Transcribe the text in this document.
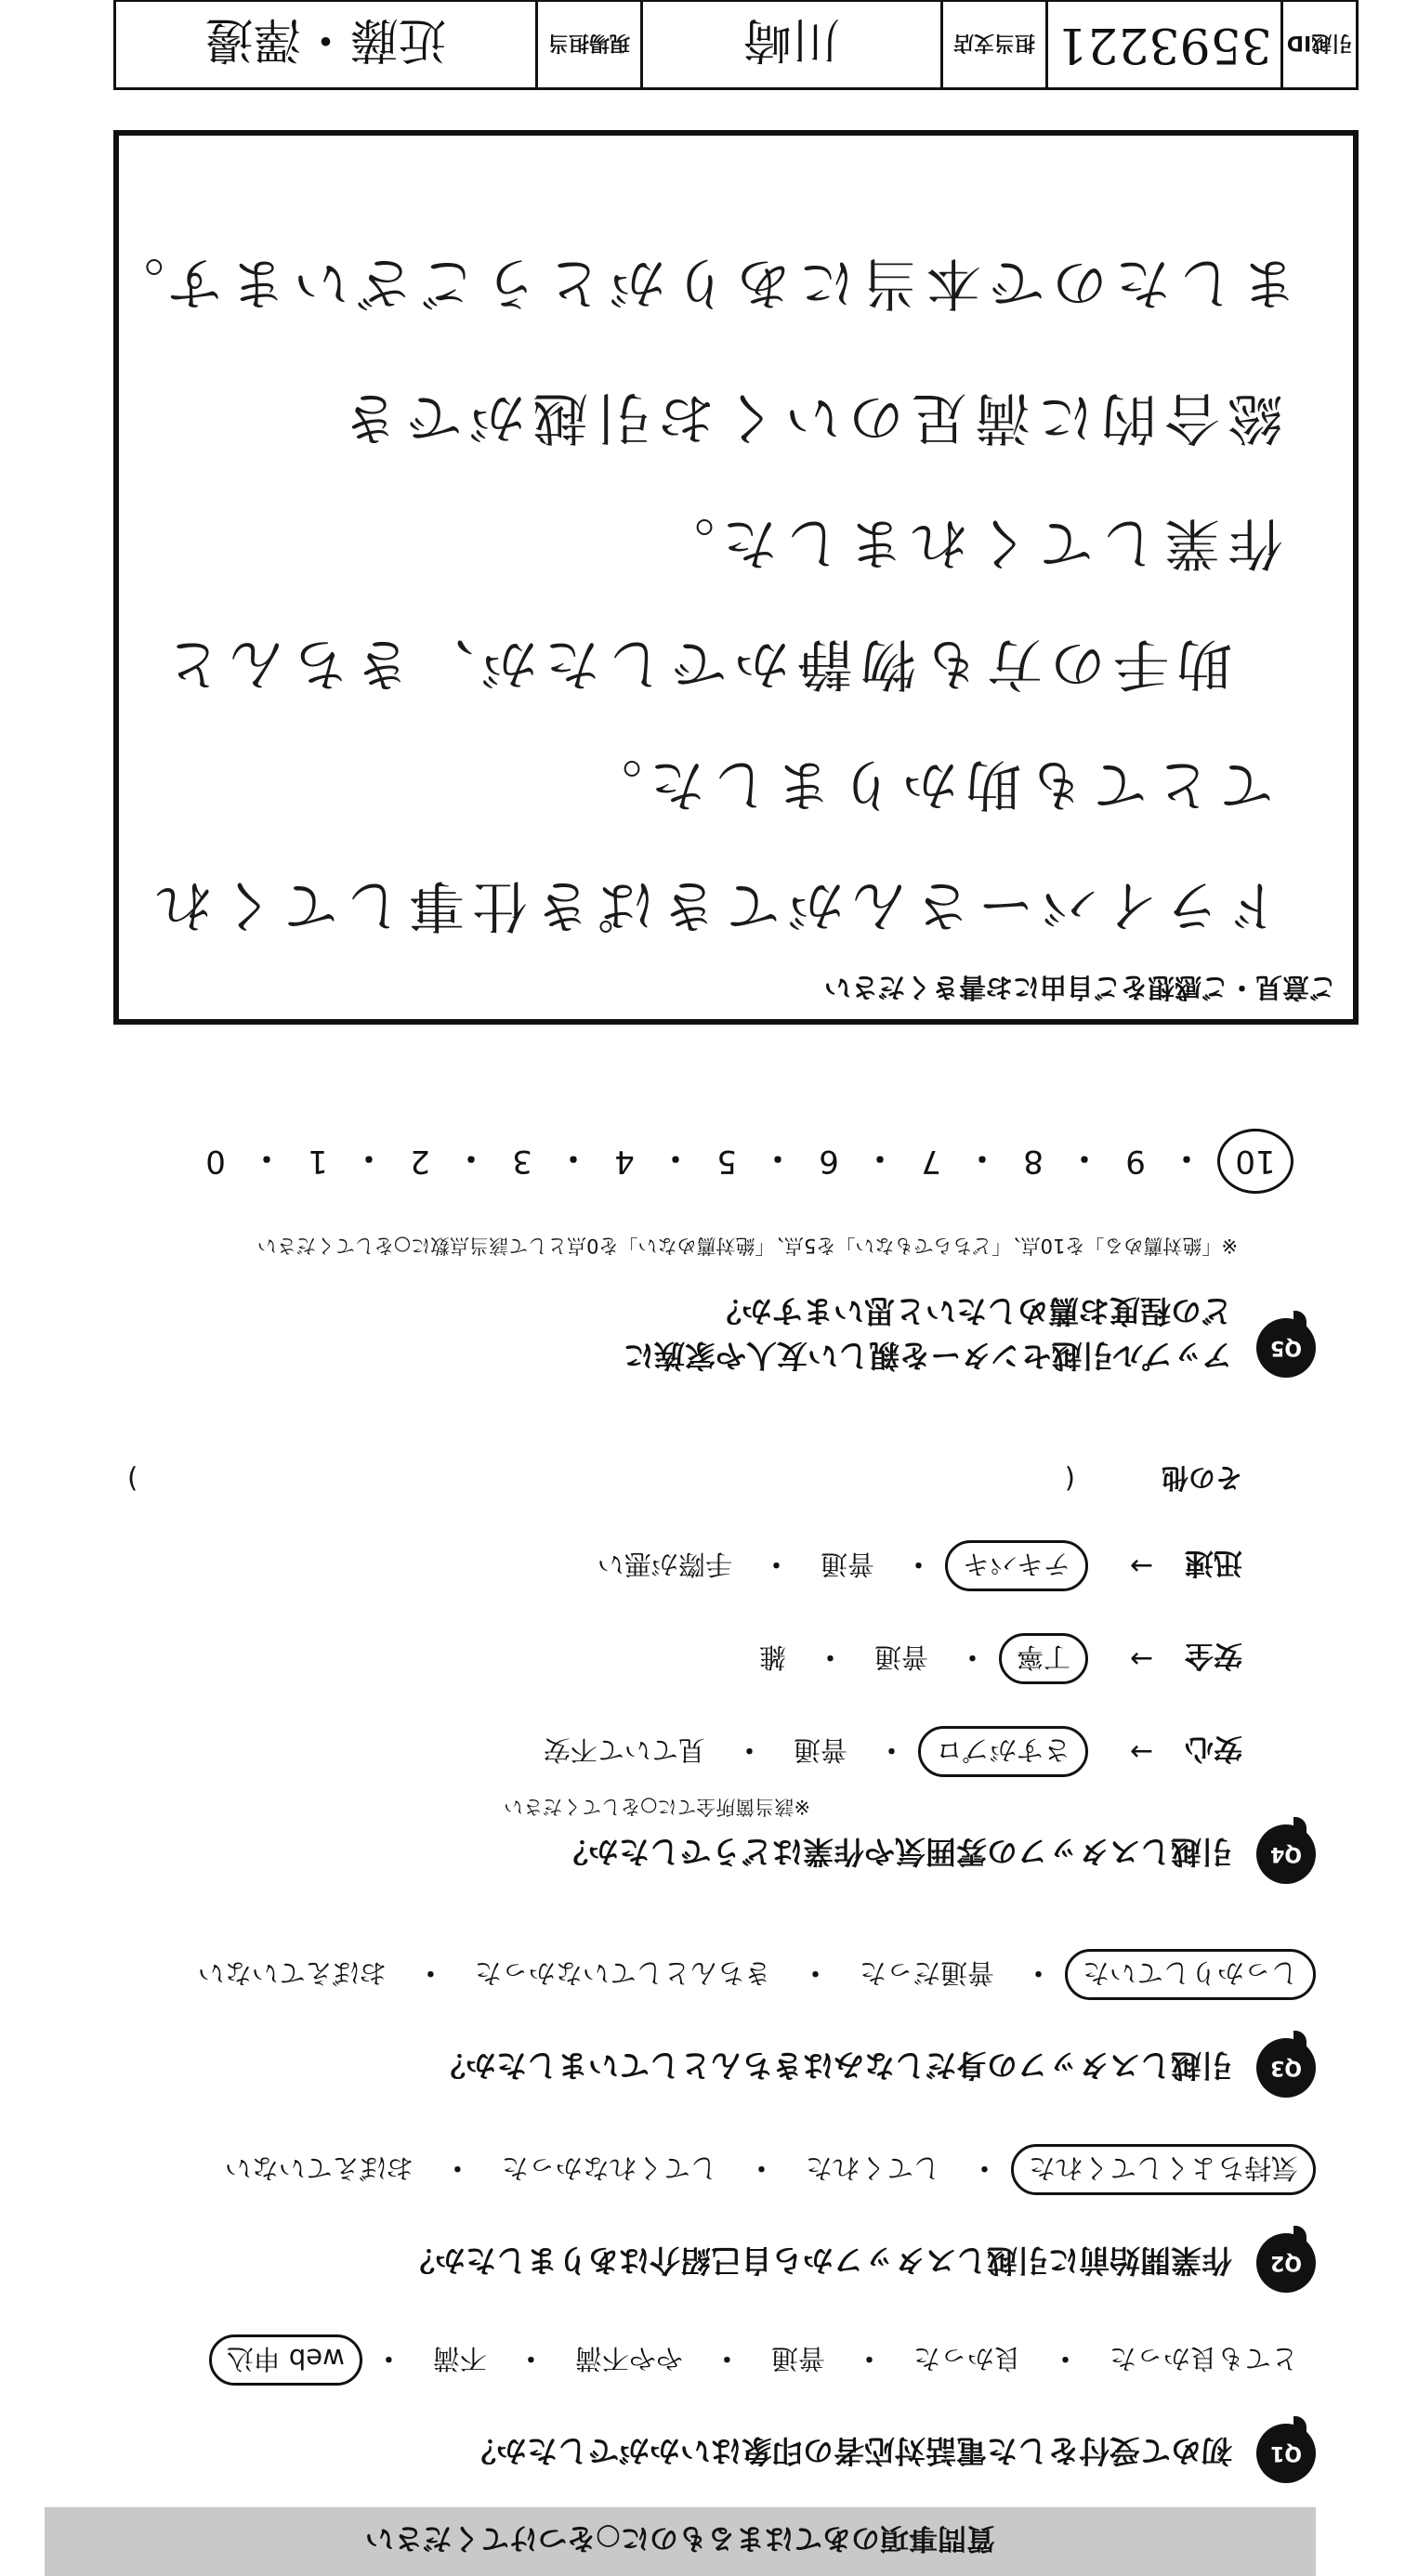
質問事項のあてはまるものに○をつけてください
Q1
初めて受付をした電話対応者の印象はいかがでしたか？
とても良かった
・
良かった
・
普通
・
やや不満
・
不満
・
web 申込
Q2
作業開始前に引越しスタッフから自己紹介はありましたか？
気持ちよくしてくれた
・
してくれた
・
してくれなかった
・
おぼえていない
Q3
引越しスタッフの身だしなみはきちんとしていましたか？
しっかりしていた
・
普通だった
・
きちんとしていなかった
・
おぼえていない
Q4
引越しスタッフの雰囲気や作業はどうでしたか？
※該当箇所全てに○をしてください
安心
→
さすがプロ
・
普通
・
見ていて不安
安全
→
丁寧
・
普通
・
雑
迅速
→
テキパキ
・
普通
・
手際が悪い
その他
(
)
Q5
アップル引越センターを親しい友人や家族に
どの程度お薦めしたいと思いますか？
※「絶対薦める」を10点、「どちらでもない」を5点、「絶対薦めない」を0点として該当点数に○をしてください
10
・
9
・
8
・
7
・
6
・
5
・
4
・
3
・
2
・
1
・
0
ご意見・ご感想をご自由にお書きください
ドライバーさんがてきぱき仕事してくれ
てとても助かりました。
助手の方も物静かでしたが、きちんと
作業してくれました。
総合的に満足のいくお引越ができ
ましたので本当にありがとうございます。
引越ID
3593221
担当支店
川崎
現場担当
近藤・澤邊
